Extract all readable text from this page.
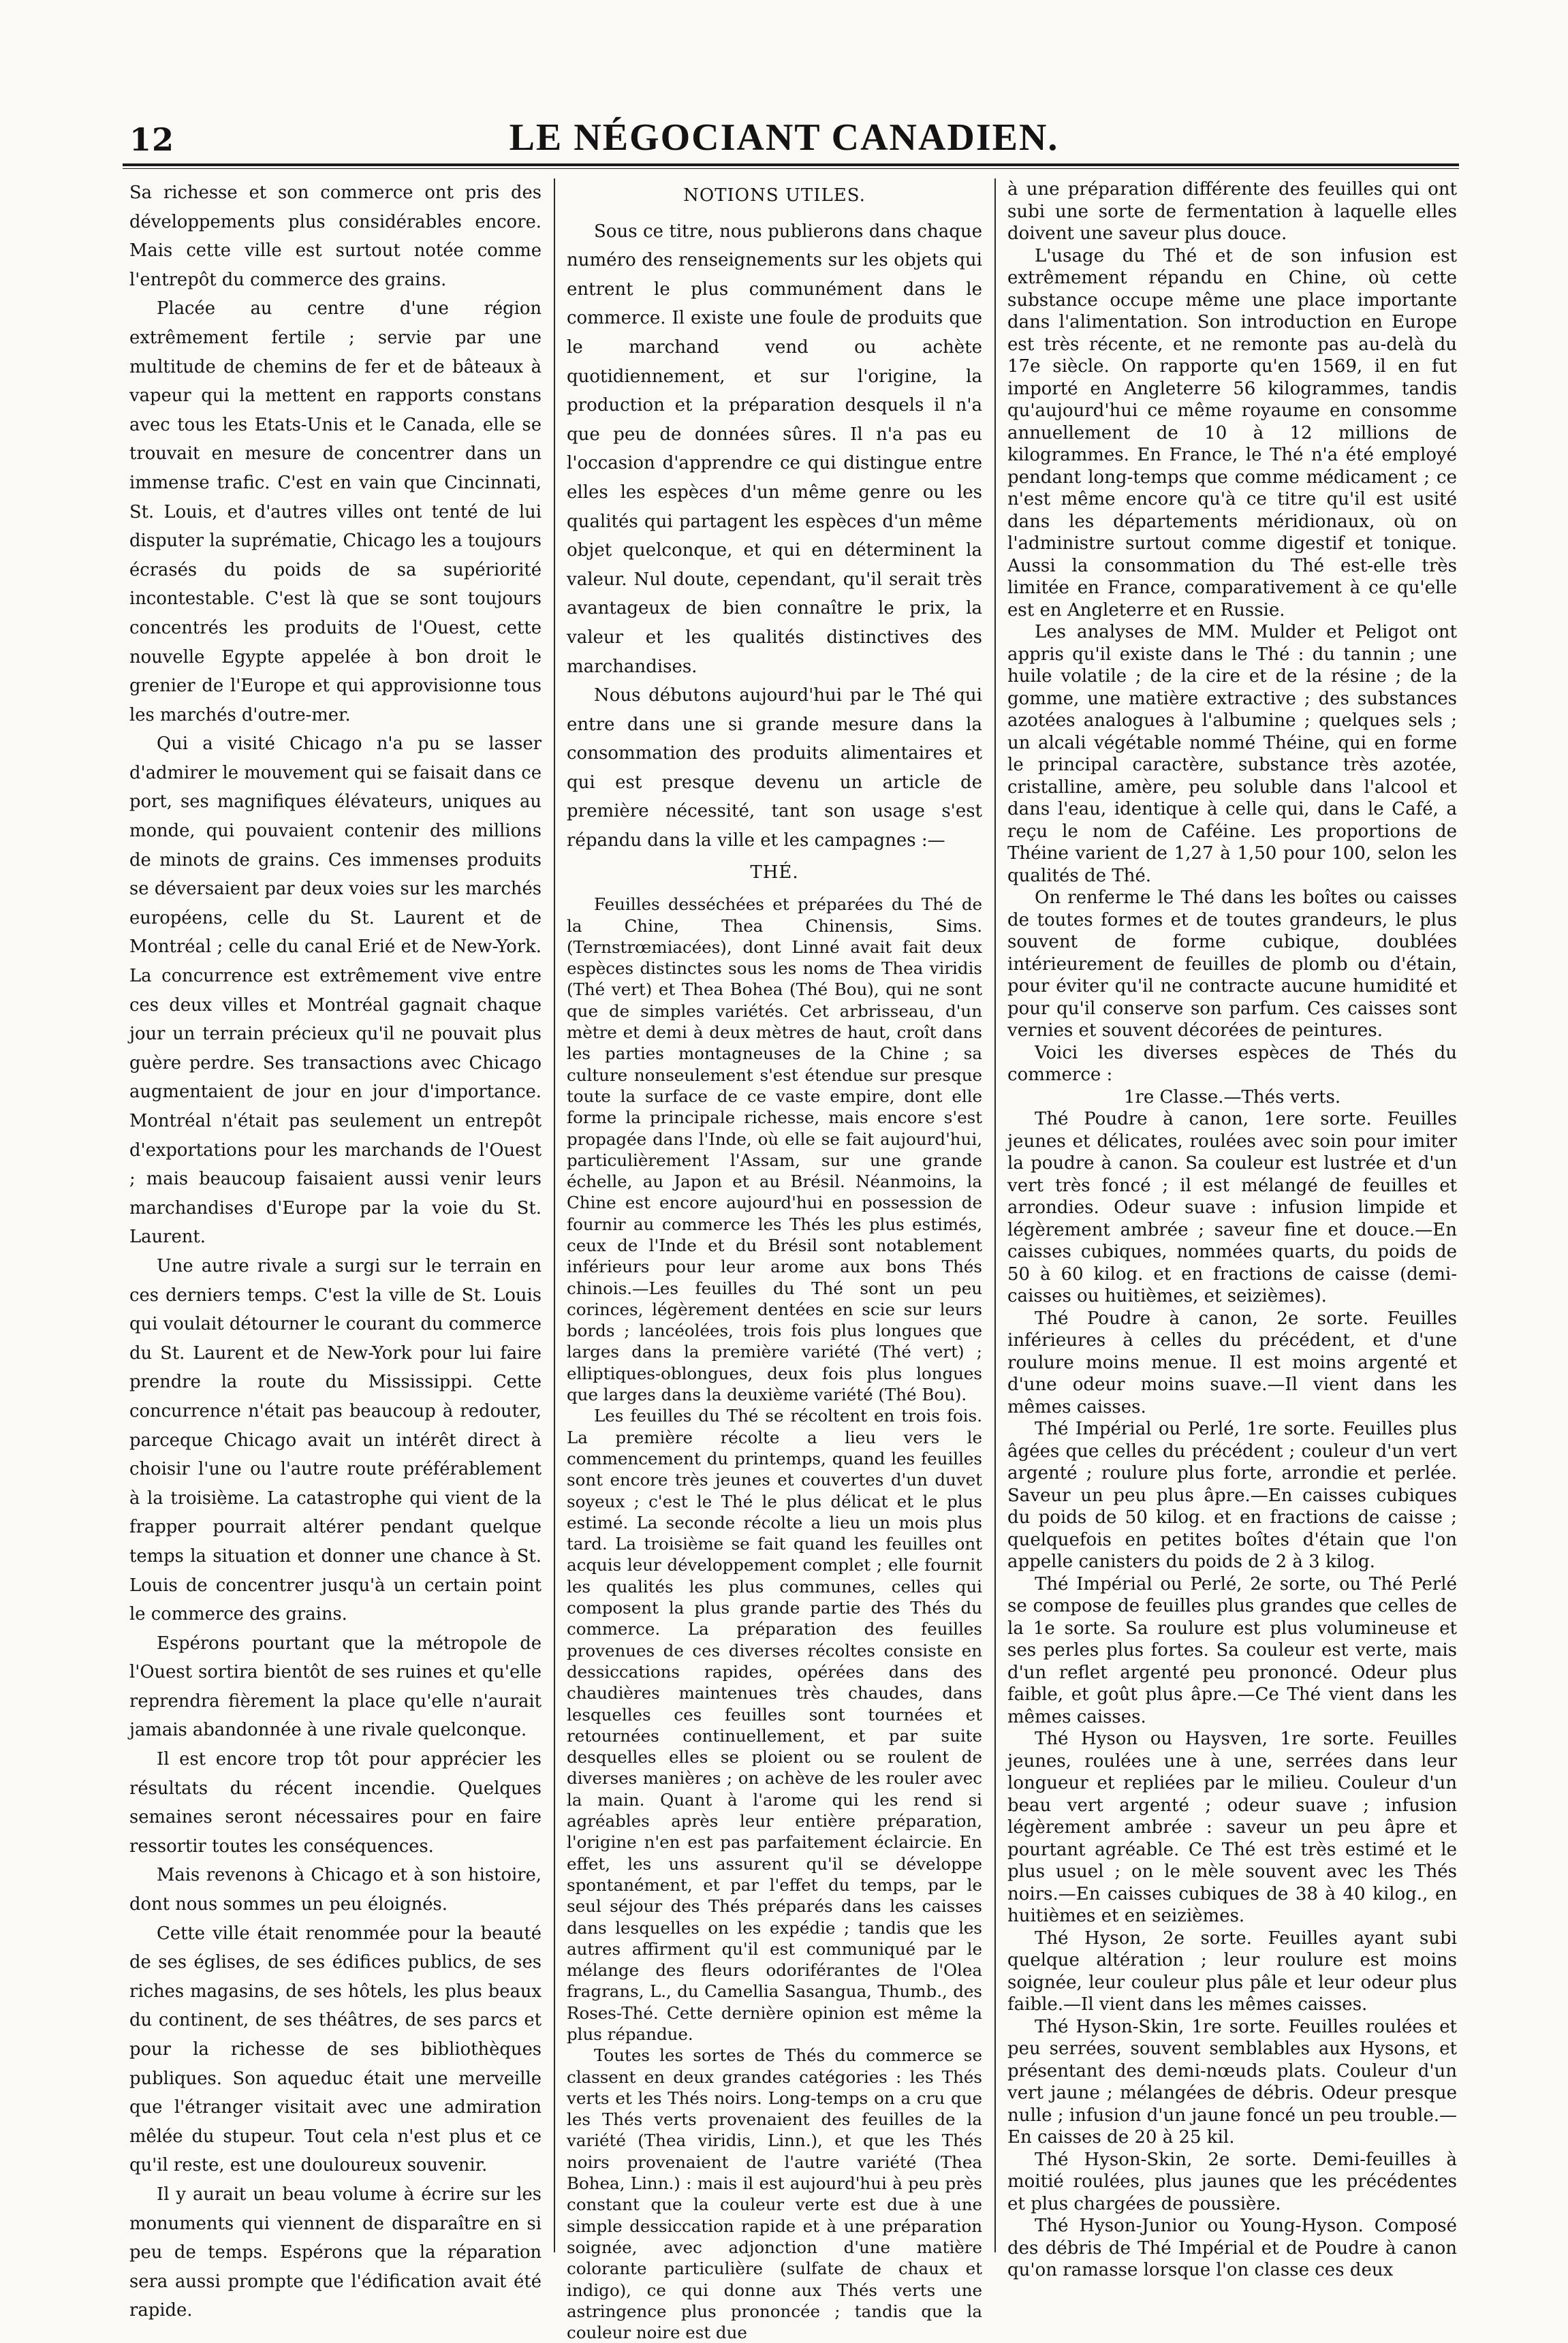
12	LE NÉGOCIANT CANADIEN.

Sa richesse et son commerce ont pris des développements plus considérables encore. Mais cette ville est surtout notée comme l'entrepôt du commerce des grains.

Placée au centre d'une région extrêmement fertile ; servie par une multitude de chemins de fer et de bâteaux à vapeur qui la mettent en rapports constans avec tous les Etats-Unis et le Canada, elle se trouvait en mesure de concentrer dans un immense trafic. C'est en vain que Cincinnati, St. Louis, et d'autres villes ont tenté de lui disputer la suprématie, Chicago les a toujours écrasés du poids de sa supériorité incontestable. C'est là que se sont toujours concentrés les produits de l'Ouest, cette nouvelle Egypte appelée à bon droit le grenier de l'Europe et qui approvisionne tous les marchés d'outre-mer.

Qui a visité Chicago n'a pu se lasser d'admirer le mouvement qui se faisait dans ce port, ses magnifiques élévateurs, uniques au monde, qui pouvaient contenir des millions de minots de grains. Ces immenses produits se déversaient par deux voies sur les marchés européens, celle du St. Laurent et de Montréal ; celle du canal Erié et de New-York. La concurrence est extrêmement vive entre ces deux villes et Montréal gagnait chaque jour un terrain précieux qu'il ne pouvait plus guère perdre. Ses transactions avec Chicago augmentaient de jour en jour d'importance. Montréal n'était pas seulement un entrepôt d'exportations pour les marchands de l'Ouest ; mais beaucoup faisaient aussi venir leurs marchandises d'Europe par la voie du St. Laurent.

Une autre rivale a surgi sur le terrain en ces derniers temps. C'est la ville de St. Louis qui voulait détourner le courant du commerce du St. Laurent et de New-York pour lui faire prendre la route du Mississippi. Cette concurrence n'était pas beaucoup à redouter, parceque Chicago avait un intérêt direct à choisir l'une ou l'autre route préférablement à la troisième. La catastrophe qui vient de la frapper pourrait altérer pendant quelque temps la situation et donner une chance à St. Louis de concentrer jusqu'à un certain point le commerce des grains.

Espérons pourtant que la métropole de l'Ouest sortira bientôt de ses ruines et qu'elle reprendra fièrement la place qu'elle n'aurait jamais abandonnée à une rivale quelconque.

Il est encore trop tôt pour apprécier les résultats du récent incendie. Quelques semaines seront nécessaires pour en faire ressortir toutes les conséquences.

Mais revenons à Chicago et à son histoire, dont nous sommes un peu éloignés.

Cette ville était renommée pour la beauté de ses églises, de ses édifices publics, de ses riches magasins, de ses hôtels, les plus beaux du continent, de ses théâtres, de ses parcs et pour la richesse de ses bibliothèques publiques. Son aqueduc était une merveille que l'étranger visitait avec une admiration mêlée du stupeur. Tout cela n'est plus et ce qu'il reste, est une douloureux souvenir.

Il y aurait un beau volume à écrire sur les monuments qui viennent de disparaître en si peu de temps. Espérons que la réparation sera aussi prompte que l'édification avait été rapide.

NOTIONS UTILES.

Sous ce titre, nous publierons dans chaque numéro des renseignements sur les objets qui entrent le plus communément dans le commerce. Il existe une foule de produits que le marchand vend ou achète quotidiennement, et sur l'origine, la production et la préparation desquels il n'a que peu de données sûres. Il n'a pas eu l'occasion d'apprendre ce qui distingue entre elles les espèces d'un même genre ou les qualités qui partagent les espèces d'un même objet quelconque, et qui en déterminent la valeur. Nul doute, cependant, qu'il serait très avantageux de bien connaître le prix, la valeur et les qualités distinctives des marchandises.

Nous débutons aujourd'hui par le Thé qui entre dans une si grande mesure dans la consommation des produits alimentaires et qui est presque devenu un article de première nécessité, tant son usage s'est répandu dans la ville et les campagnes :—

THÉ.

Feuilles desséchées et préparées du Thé de la Chine, Thea Chinensis, Sims. (Ternstrœmiacées), dont Linné avait fait deux espèces distinctes sous les noms de Thea viridis (Thé vert) et Thea Bohea (Thé Bou), qui ne sont que de simples variétés. Cet arbrisseau, d'un mètre et demi à deux mètres de haut, croît dans les parties montagneuses de la Chine ; sa culture nonseulement s'est étendue sur presque toute la surface de ce vaste empire, dont elle forme la principale richesse, mais encore s'est propagée dans l'Inde, où elle se fait aujourd'hui, particulièrement l'Assam, sur une grande échelle, au Japon et au Brésil. Néanmoins, la Chine est encore aujourd'hui en possession de fournir au commerce les Thés les plus estimés, ceux de l'Inde et du Brésil sont notablement inférieurs pour leur arome aux bons Thés chinois.—Les feuilles du Thé sont un peu corinces, légèrement dentées en scie sur leurs bords ; lancéolées, trois fois plus longues que larges dans la première variété (Thé vert) ; elliptiques-oblongues, deux fois plus longues que larges dans la deuxième variété (Thé Bou).

Les feuilles du Thé se récoltent en trois fois. La première récolte a lieu vers le commencement du printemps, quand les feuilles sont encore très jeunes et couvertes d'un duvet soyeux ; c'est le Thé le plus délicat et le plus estimé. La seconde récolte a lieu un mois plus tard. La troisième se fait quand les feuilles ont acquis leur développement complet ; elle fournit les qualités les plus communes, celles qui composent la plus grande partie des Thés du commerce. La préparation des feuilles provenues de ces diverses récoltes consiste en dessiccations rapides, opérées dans des chaudières maintenues très chaudes, dans lesquelles ces feuilles sont tournées et retournées continuellement, et par suite desquelles elles se ploient ou se roulent de diverses manières ; on achève de les rouler avec la main. Quant à l'arome qui les rend si agréables après leur entière préparation, l'origine n'en est pas parfaitement éclaircie. En effet, les uns assurent qu'il se développe spontanément, et par l'effet du temps, par le seul séjour des Thés préparés dans les caisses dans lesquelles on les expédie ; tandis que les autres affirment qu'il est communiqué par le mélange des fleurs odoriférantes de l'Olea fragrans, L., du Camellia Sasangua, Thumb., des Roses-Thé. Cette dernière opinion est même la plus répandue.

Toutes les sortes de Thés du commerce se classent en deux grandes catégories : les Thés verts et les Thés noirs. Long-temps on a cru que les Thés verts provenaient des feuilles de la variété (Thea viridis, Linn.), et que les Thés noirs provenaient de l'autre variété (Thea Bohea, Linn.) : mais il est aujourd'hui à peu près constant que la couleur verte est due à une simple dessiccation rapide et à une préparation soignée, avec adjonction d'une matière colorante particulière (sulfate de chaux et indigo), ce qui donne aux Thés verts une astringence plus prononcée ; tandis que la couleur noire est due

à une préparation différente des feuilles qui ont subi une sorte de fermentation à laquelle elles doivent une saveur plus douce.

L'usage du Thé et de son infusion est extrêmement répandu en Chine, où cette substance occupe même une place importante dans l'alimentation. Son introduction en Europe est très récente, et ne remonte pas au-delà du 17e siècle. On rapporte qu'en 1569, il en fut importé en Angleterre 56 kilogrammes, tandis qu'aujourd'hui ce même royaume en consomme annuellement de 10 à 12 millions de kilogrammes. En France, le Thé n'a été employé pendant long-temps que comme médicament ; ce n'est même encore qu'à ce titre qu'il est usité dans les départements méridionaux, où on l'administre surtout comme digestif et tonique. Aussi la consommation du Thé est-elle très limitée en France, comparativement à ce qu'elle est en Angleterre et en Russie.

Les analyses de MM. Mulder et Peligot ont appris qu'il existe dans le Thé : du tannin ; une huile volatile ; de la cire et de la résine ; de la gomme, une matière extractive ; des substances azotées analogues à l'albumine ; quelques sels ; un alcali végétable nommé Théine, qui en forme le principal caractère, substance très azotée, cristalline, amère, peu soluble dans l'alcool et dans l'eau, identique à celle qui, dans le Café, a reçu le nom de Caféine. Les proportions de Théine varient de 1,27 à 1,50 pour 100, selon les qualités de Thé.

On renferme le Thé dans les boîtes ou caisses de toutes formes et de toutes grandeurs, le plus souvent de forme cubique, doublées intérieurement de feuilles de plomb ou d'étain, pour éviter qu'il ne contracte aucune humidité et pour qu'il conserve son parfum. Ces caisses sont vernies et souvent décorées de peintures.

Voici les diverses espèces de Thés du commerce :

1re Classe.—Thés verts.

Thé Poudre à canon, 1ere sorte. Feuilles jeunes et délicates, roulées avec soin pour imiter la poudre à canon. Sa couleur est lustrée et d'un vert très foncé ; il est mélangé de feuilles et arrondies. Odeur suave : infusion limpide et légèrement ambrée ; saveur fine et douce.—En caisses cubiques, nommées quarts, du poids de 50 à 60 kilog. et en fractions de caisse (demi-caisses ou huitièmes, et seizièmes).

Thé Poudre à canon, 2e sorte. Feuilles inférieures à celles du précédent, et d'une roulure moins menue. Il est moins argenté et d'une odeur moins suave.—Il vient dans les mêmes caisses.

Thé Impérial ou Perlé, 1re sorte. Feuilles plus âgées que celles du précédent ; couleur d'un vert argenté ; roulure plus forte, arrondie et perlée. Saveur un peu plus âpre.—En caisses cubiques du poids de 50 kilog. et en fractions de caisse ; quelquefois en petites boîtes d'étain que l'on appelle canisters du poids de 2 à 3 kilog.

Thé Impérial ou Perlé, 2e sorte, ou Thé Perlé se compose de feuilles plus grandes que celles de la 1e sorte. Sa roulure est plus volumineuse et ses perles plus fortes. Sa couleur est verte, mais d'un reflet argenté peu prononcé. Odeur plus faible, et goût plus âpre.—Ce Thé vient dans les mêmes caisses.

Thé Hyson ou Haysven, 1re sorte. Feuilles jeunes, roulées une à une, serrées dans leur longueur et repliées par le milieu. Couleur d'un beau vert argenté ; odeur suave ; infusion légèrement ambrée : saveur un peu âpre et pourtant agréable. Ce Thé est très estimé et le plus usuel ; on le mèle souvent avec les Thés noirs.—En caisses cubiques de 38 à 40 kilog., en huitièmes et en seizièmes.

Thé Hyson, 2e sorte. Feuilles ayant subi quelque altération ; leur roulure est moins soignée, leur couleur plus pâle et leur odeur plus faible.—Il vient dans les mêmes caisses.

Thé Hyson-Skin, 1re sorte. Feuilles roulées et peu serrées, souvent semblables aux Hysons, et présentant des demi-nœuds plats. Couleur d'un vert jaune ; mélangées de débris. Odeur presque nulle ; infusion d'un jaune foncé un peu trouble.—En caisses de 20 à 25 kil.

Thé Hyson-Skin, 2e sorte. Demi-feuilles à moitié roulées, plus jaunes que les précédentes et plus chargées de poussière.

Thé Hyson-Junior ou Young-Hyson. Composé des débris de Thé Impérial et de Poudre à canon qu'on ramasse lorsque l'on classe ces deux
